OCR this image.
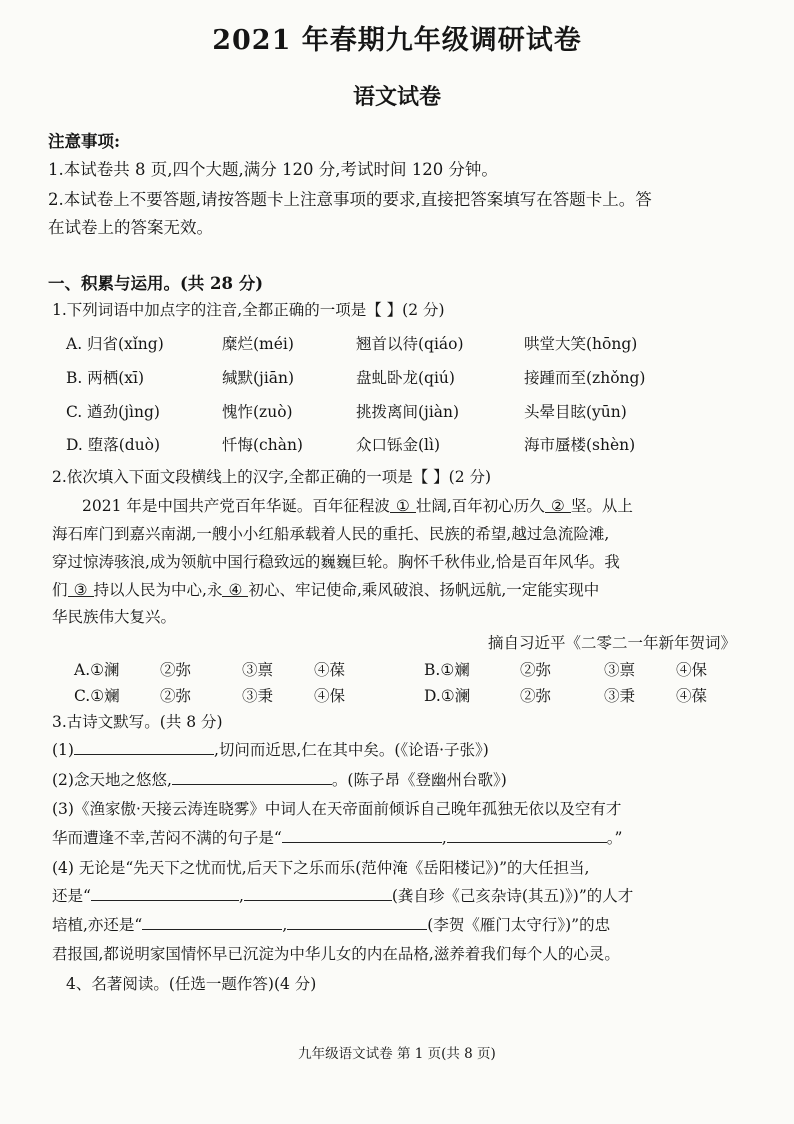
2021 年春期九年级调研试卷
语文试卷
注意事项:
1.本试卷共 8 页,四个大题,满分 120 分,考试时间 120 分钟。
2.本试卷上不要答题,请按答题卡上注意事项的要求,直接把答案填写在答题卡上。答
在试卷上的答案无效。
一、积累与运用。(共 28 分)
1.下列词语中加点字的注音,全都正确的一项是【 】(2 分)
A. 归省(xǐng)	糜烂(méi)	翘首以待(qiáo)	哄堂大笑(hōng)
B. 两栖(xī)	缄默(jiān)	盘虬卧龙(qiú)	接踵而至(zhǒng)
C. 遒劲(jìng)	愧怍(zuò)	挑拨离间(jiàn)	头晕目眩(yūn)
D. 堕落(duò)	忏悔(chàn)	众口铄金(lì)	海市蜃楼(shèn)
2.依次填入下面文段横线上的汉字,全都正确的一项是【 】(2 分)
2021 年是中国共产党百年华诞。百年征程波 ① 壮阔,百年初心历久 ② 坚。从上
海石库门到嘉兴南湖,一艘小小红船承载着人民的重托、民族的希望,越过急流险滩,
穿过惊涛骇浪,成为领航中国行稳致远的巍巍巨轮。胸怀千秋伟业,恰是百年风华。我
们 ③ 持以人民为中心,永 ④ 初心、牢记使命,乘风破浪、扬帆远航,一定能实现中
华民族伟大复兴。
摘自习近平《二零二一年新年贺词》
A.①澜	②弥	③禀	④葆	B.①斓	②弥	③禀	④保
C.①斓	②弥	③秉	④保	D.①澜	②弥	③秉	④葆
3.古诗文默写。(共 8 分)
(1)	,切问而近思,仁在其中矣。(《论语·子张》)
(2)念天地之悠悠,	。(陈子昂《登幽州台歌》)
(3)《渔家傲·天接云涛连晓雾》中词人在天帝面前倾诉自己晚年孤独无依以及空有才
华而遭逢不幸,苦闷不满的句子是“	,	。”
(4) 无论是“先天下之忧而忧,后天下之乐而乐(范仲淹《岳阳楼记》)”的大任担当,
还是“	,	(龚自珍《己亥杂诗(其五)》)”的人才
培植,亦还是“	,	(李贺《雁门太守行》)”的忠
君报国,都说明家国情怀早已沉淀为中华儿女的内在品格,滋养着我们每个人的心灵。
4、名著阅读。(任选一题作答)(4 分)
九年级语文试卷 第 1 页(共 8 页)
